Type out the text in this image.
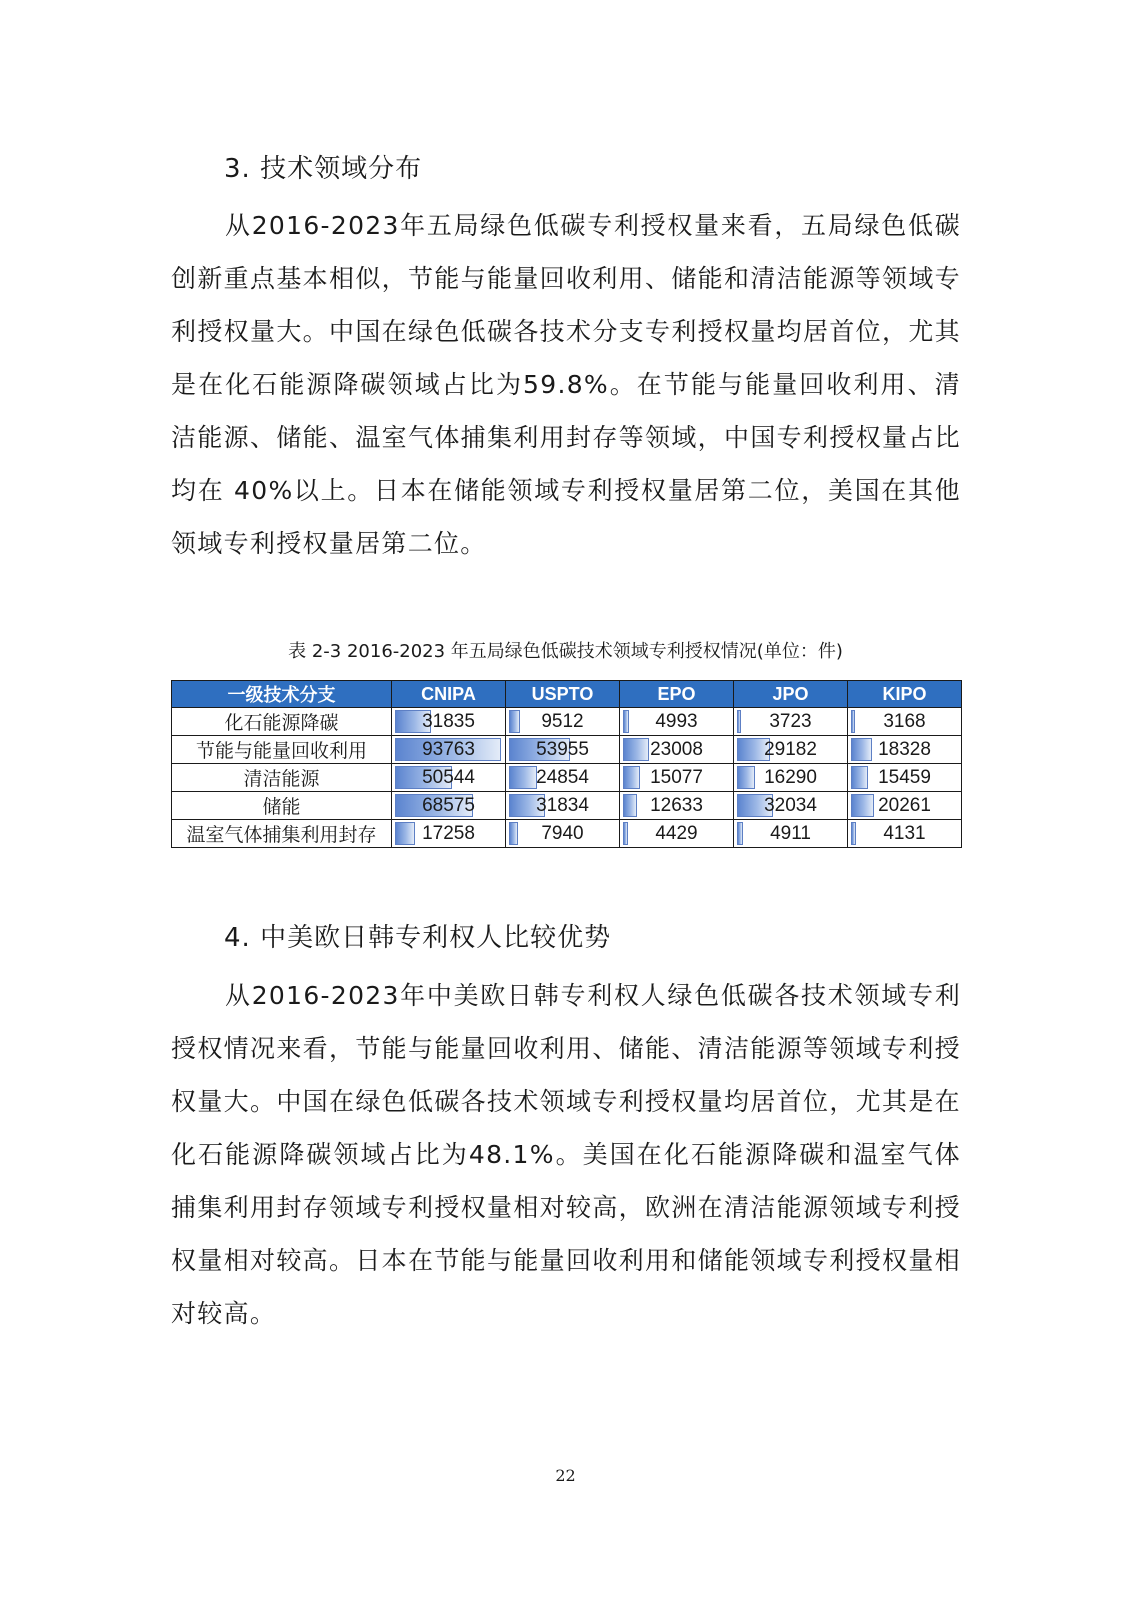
3. 技术领域分布

从2016-2023年五局绿色低碳专利授权量来看，五局绿色低碳创新重点基本相似，节能与能量回收利用、储能和清洁能源等领域专利授权量大。中国在绿色低碳各技术分支专利授权量均居首位，尤其是在化石能源降碳领域占比为59.8%。在节能与能量回收利用、清洁能源、储能、温室气体捕集利用封存等领域，中国专利授权量占比均在 40%以上。日本在储能领域专利授权量居第二位，美国在其他领域专利授权量居第二位。

表 2-3 2016-2023 年五局绿色低碳技术领域专利授权情况(单位：件)
一级技术分支	CNIPA	USPTO	EPO	JPO	KIPO
化石能源降碳	31835	9512	4993	3723	3168
节能与能量回收利用	93763	53955	23008	29182	18328
清洁能源	50544	24854	15077	16290	15459
储能	68575	31834	12633	32034	20261
温室气体捕集利用封存	17258	7940	4429	4911	4131
4. 中美欧日韩专利权人比较优势

从2016-2023年中美欧日韩专利权人绿色低碳各技术领域专利授权情况来看，节能与能量回收利用、储能、清洁能源等领域专利授权量大。中国在绿色低碳各技术领域专利授权量均居首位，尤其是在化石能源降碳领域占比为48.1%。美国在化石能源降碳和温室气体捕集利用封存领域专利授权量相对较高，欧洲在清洁能源领域专利授权量相对较高。日本在节能与能量回收利用和储能领域专利授权量相对较高。

22
